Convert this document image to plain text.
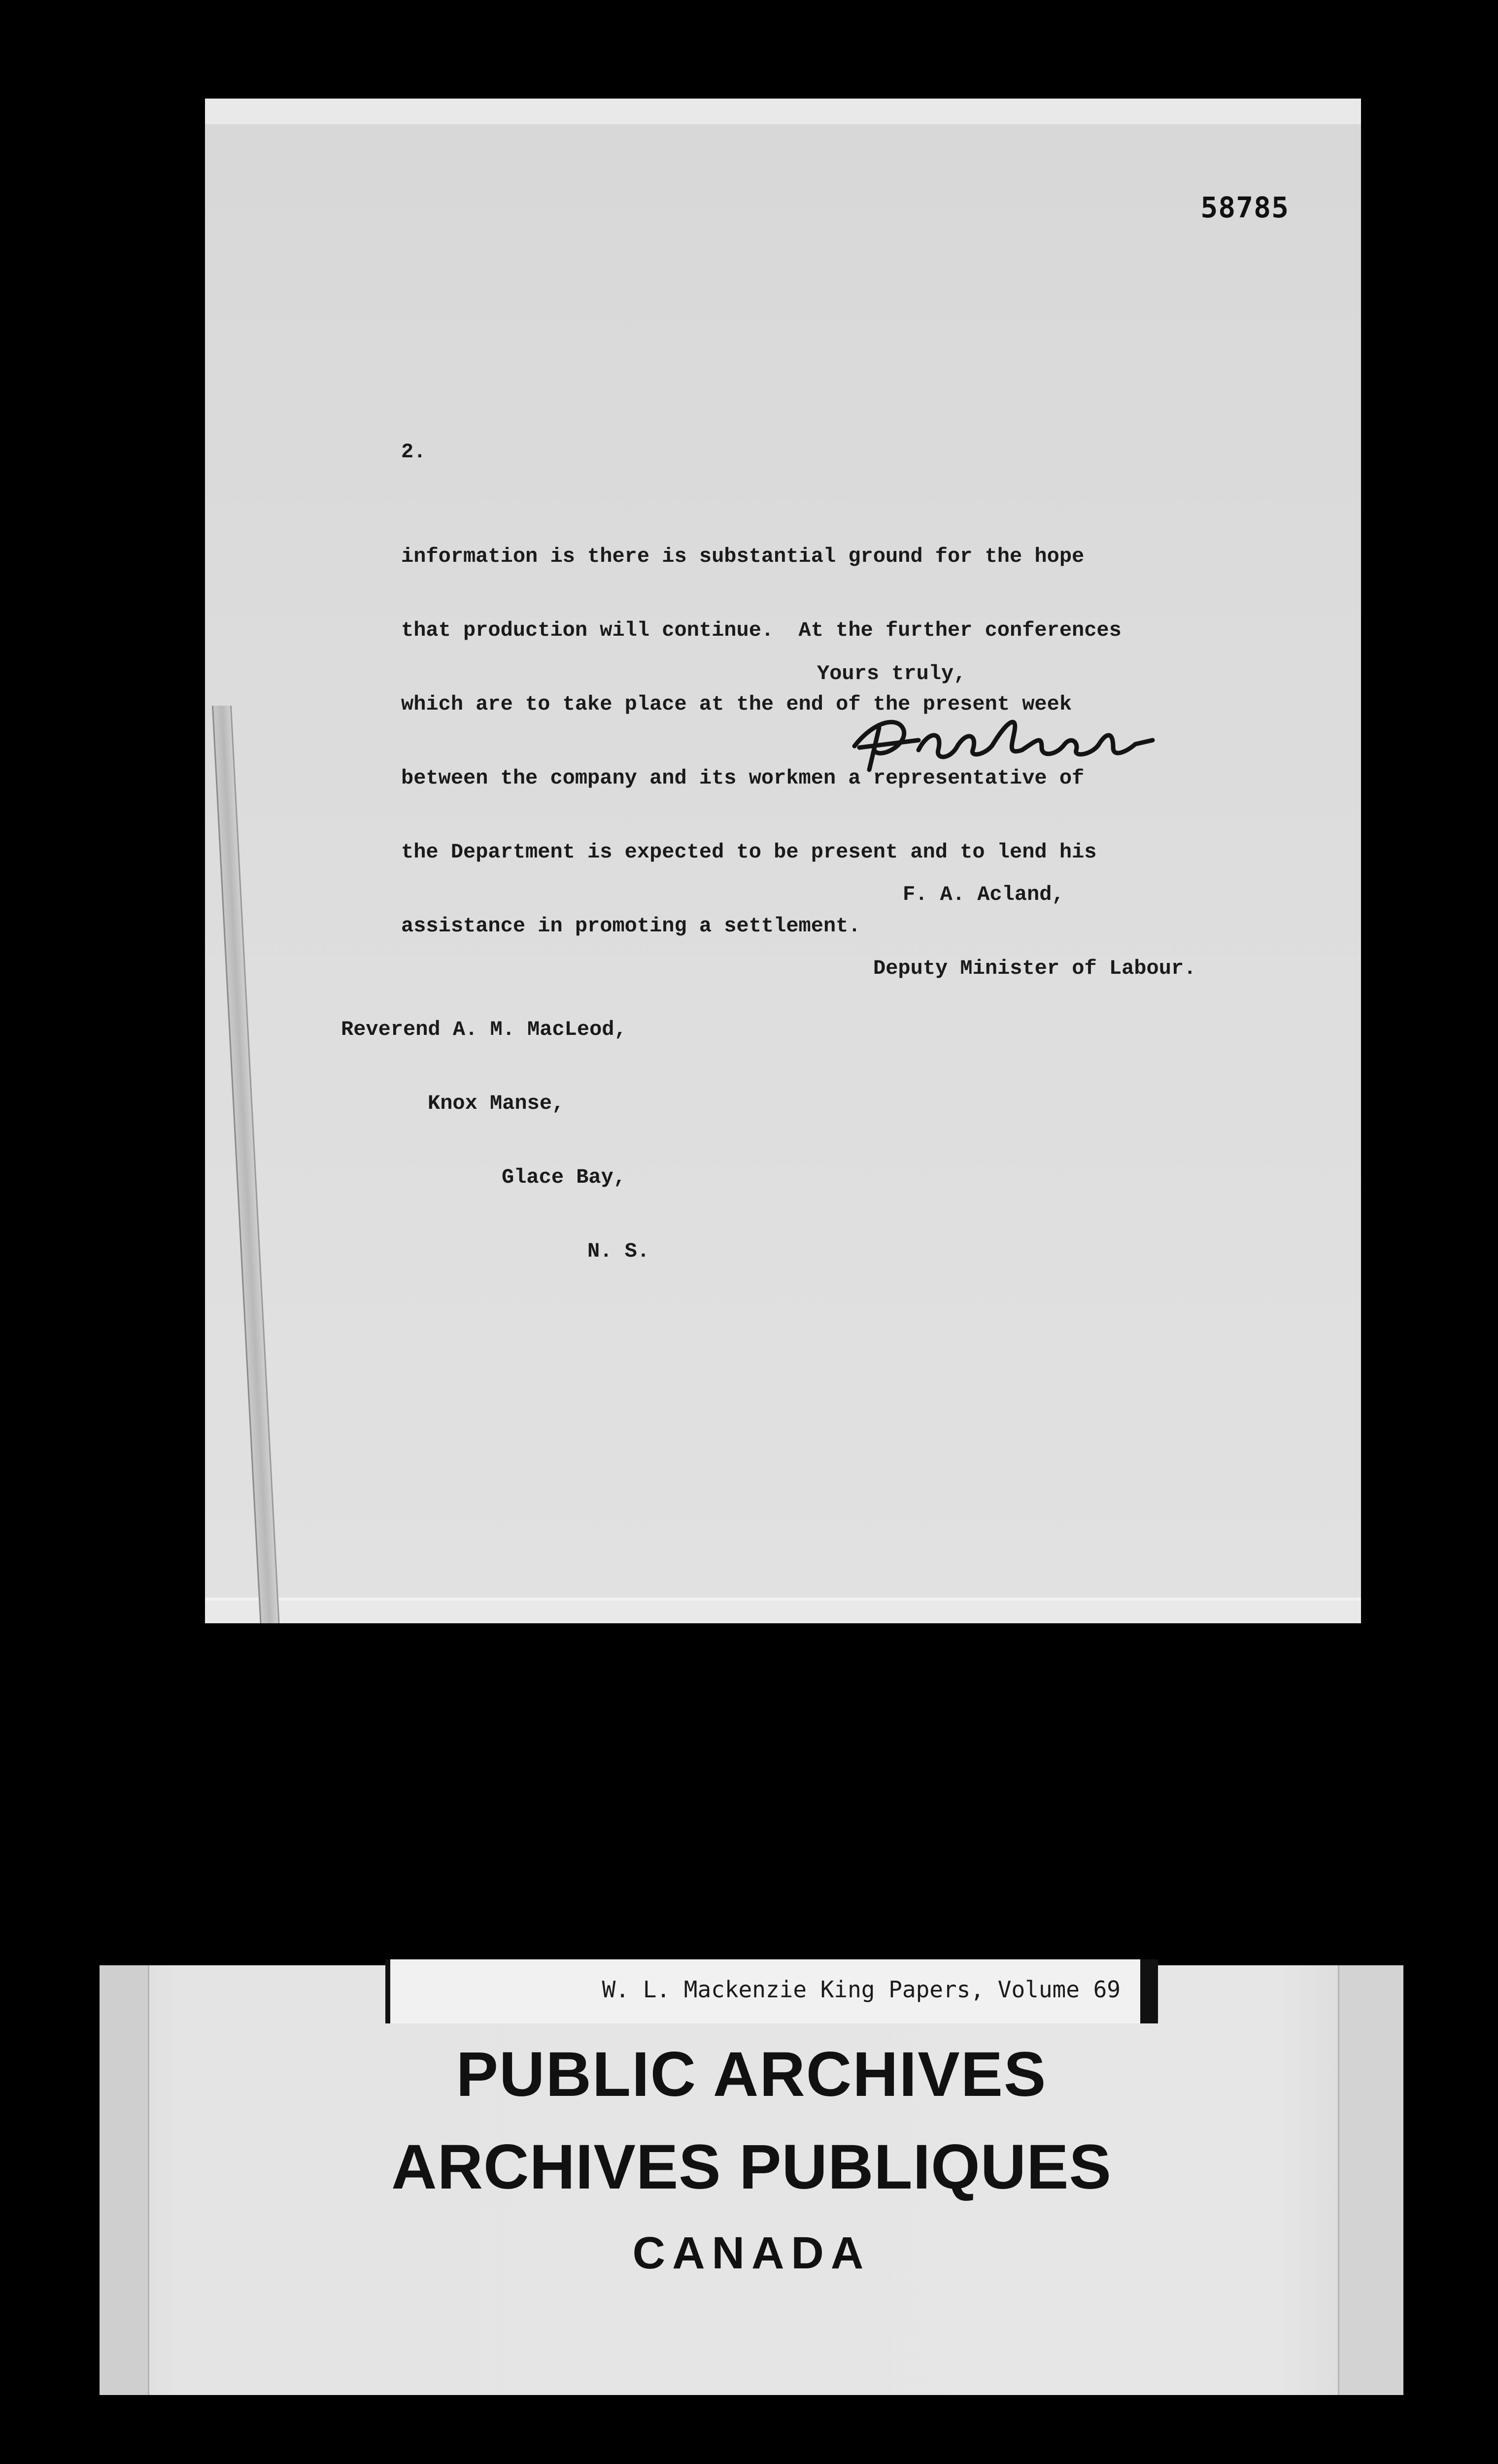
58785
2.

information is there is substantial ground for the hope

that production will continue.  At the further conferences

which are to take place at the end of the present week

between the company and its workmen a representative of

the Department is expected to be present and to lend his

assistance in promoting a settlement.

Yours truly,

F. A. Acland,

Deputy Minister of Labour.

Reverend A. M. MacLeod,

Knox Manse,

Glace Bay,

N. S.

W. L. Mackenzie King Papers, Volume 69
PUBLIC ARCHIVES
ARCHIVES PUBLIQUES
CANADA
